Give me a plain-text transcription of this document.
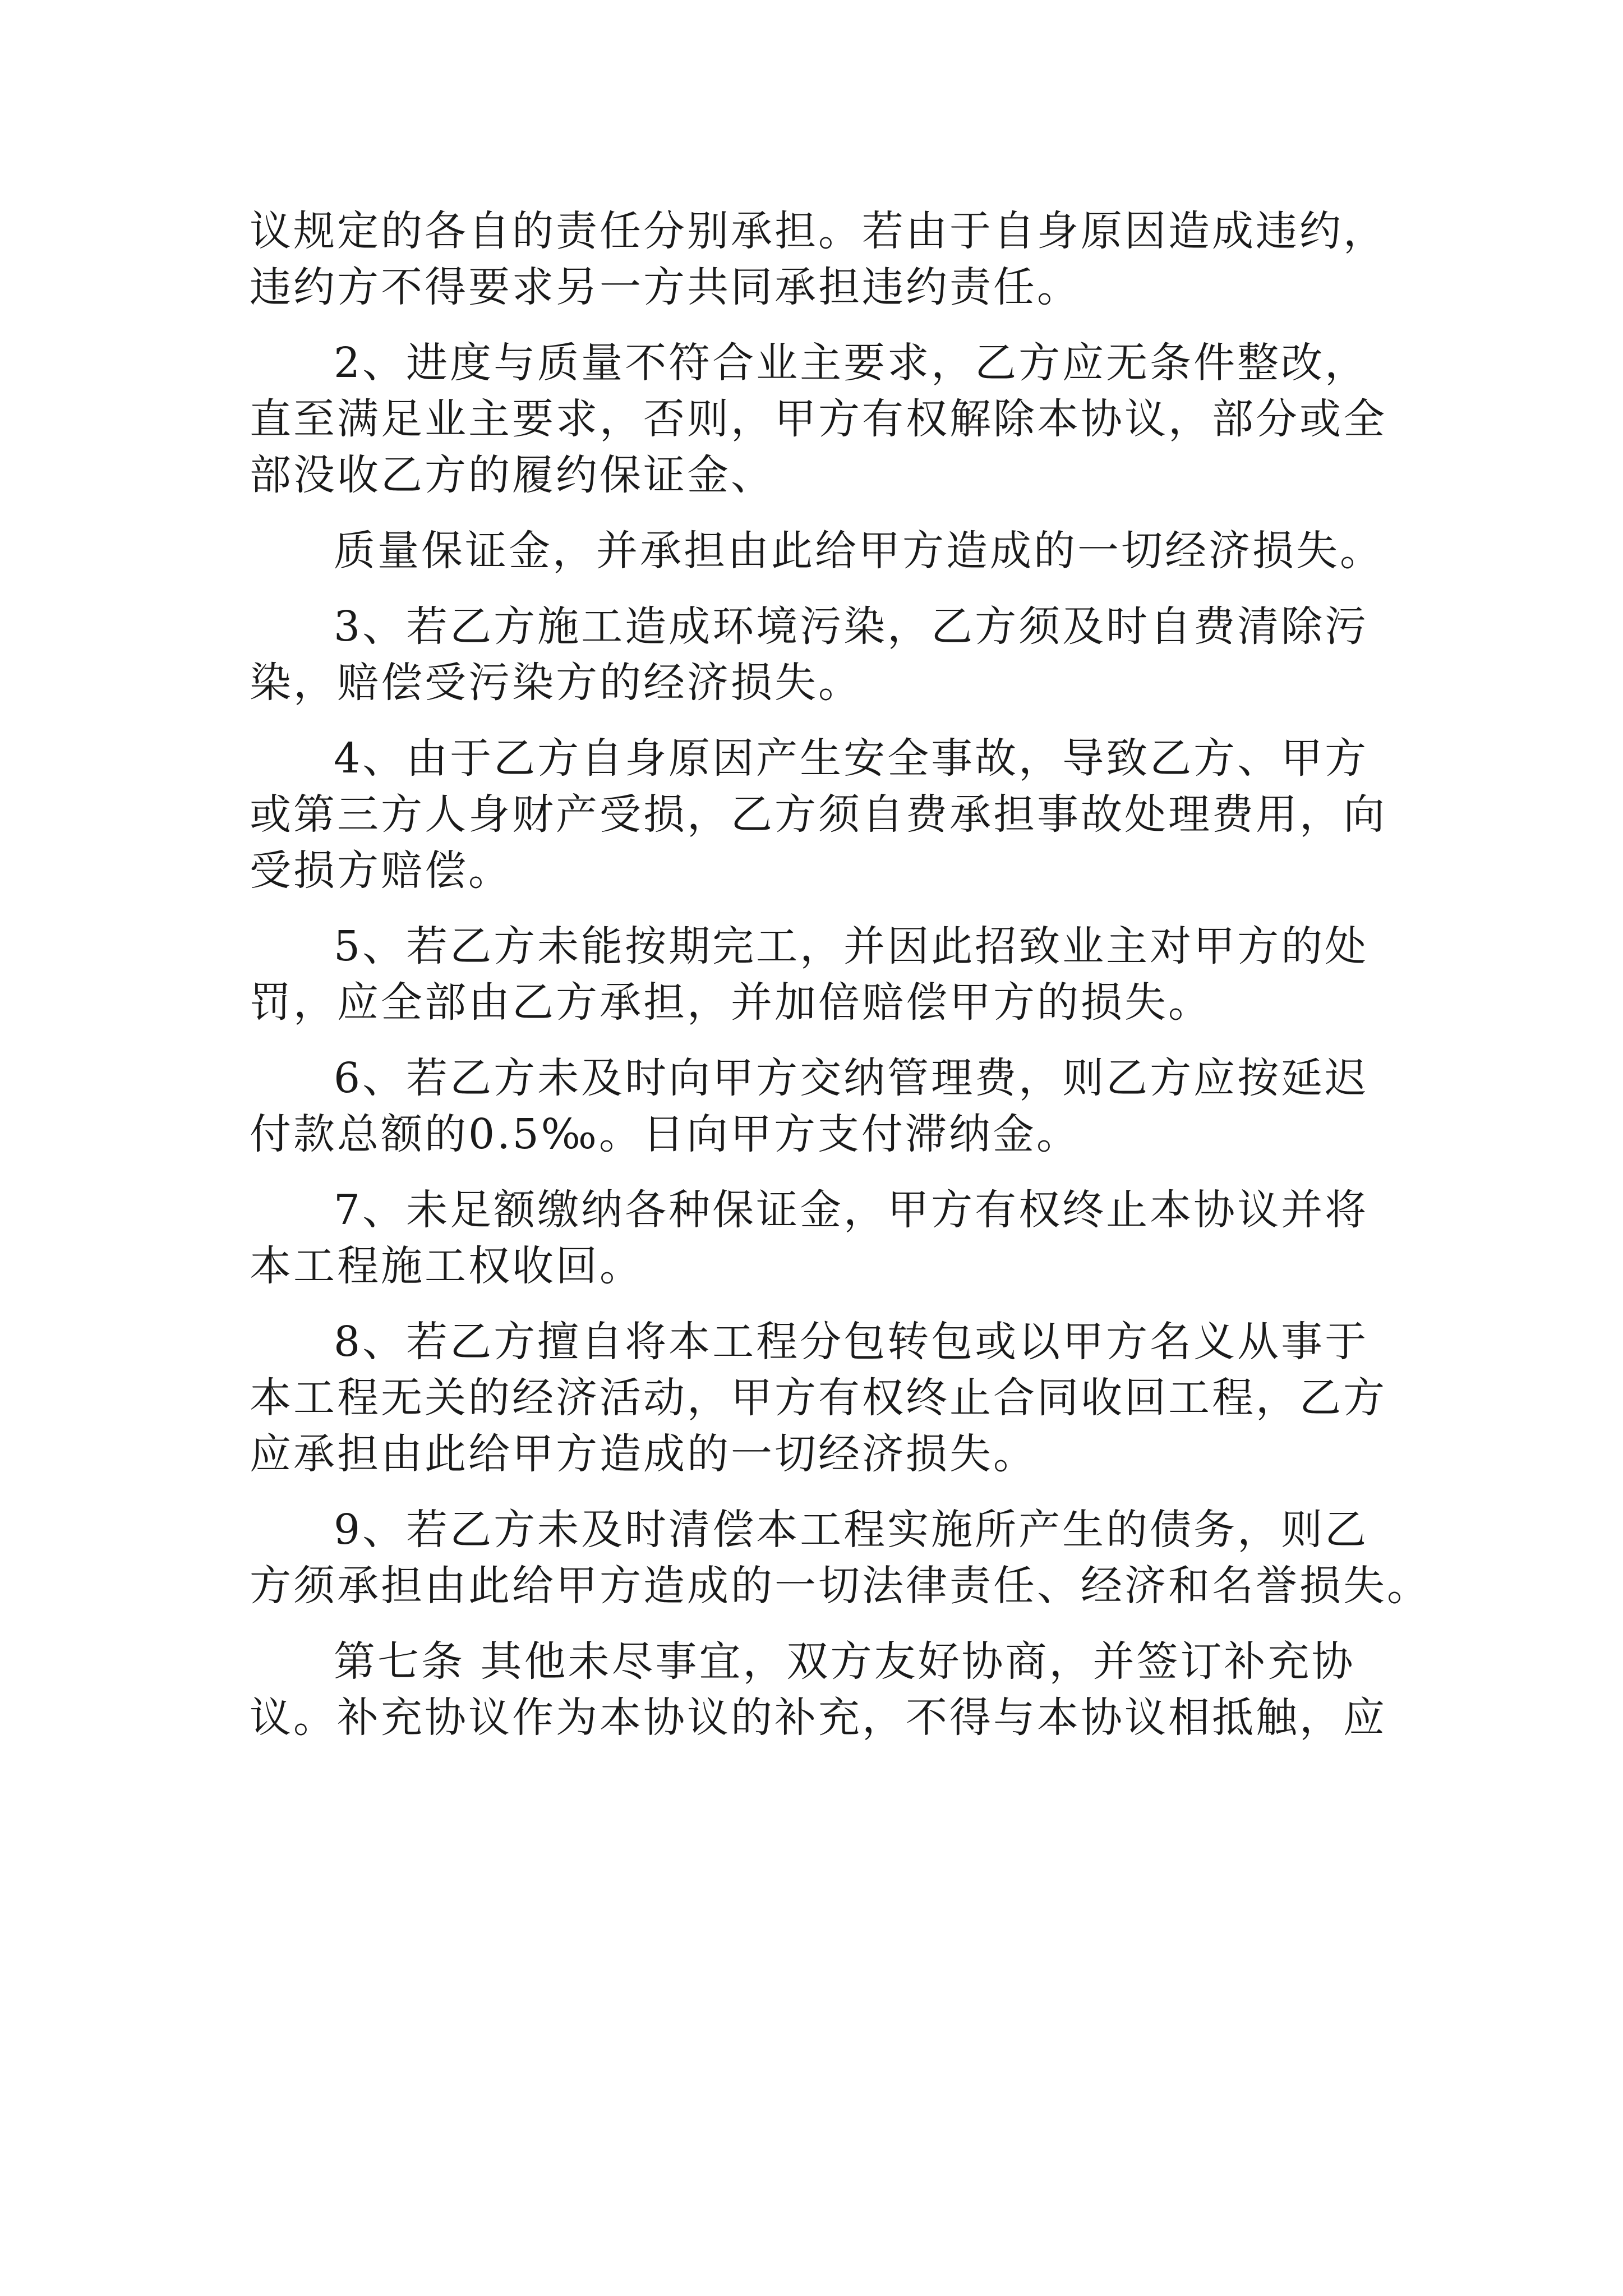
议规定的各自的责任分别承担。若由于自身原因造成违约，
违约方不得要求另一方共同承担违约责任。
2、进度与质量不符合业主要求，乙方应无条件整改，
直至满足业主要求，否则，甲方有权解除本协议，部分或全
部没收乙方的履约保证金、
质量保证金，并承担由此给甲方造成的一切经济损失。
3、若乙方施工造成环境污染，乙方须及时自费清除污
染，赔偿受污染方的经济损失。
4、由于乙方自身原因产生安全事故，导致乙方、甲方
或第三方人身财产受损，乙方须自费承担事故处理费用，向
受损方赔偿。
5、若乙方未能按期完工，并因此招致业主对甲方的处
罚，应全部由乙方承担，并加倍赔偿甲方的损失。
6、若乙方未及时向甲方交纳管理费，则乙方应按延迟
付款总额的0.5‰。日向甲方支付滞纳金。
7、未足额缴纳各种保证金，甲方有权终止本协议并将
本工程施工权收回。
8、若乙方擅自将本工程分包转包或以甲方名义从事于
本工程无关的经济活动，甲方有权终止合同收回工程，乙方
应承担由此给甲方造成的一切经济损失。
9、若乙方未及时清偿本工程实施所产生的债务，则乙
方须承担由此给甲方造成的一切法律责任、经济和名誉损失。
第七条 其他未尽事宜，双方友好协商，并签订补充协
议。补充协议作为本协议的补充，不得与本协议相抵触，应
